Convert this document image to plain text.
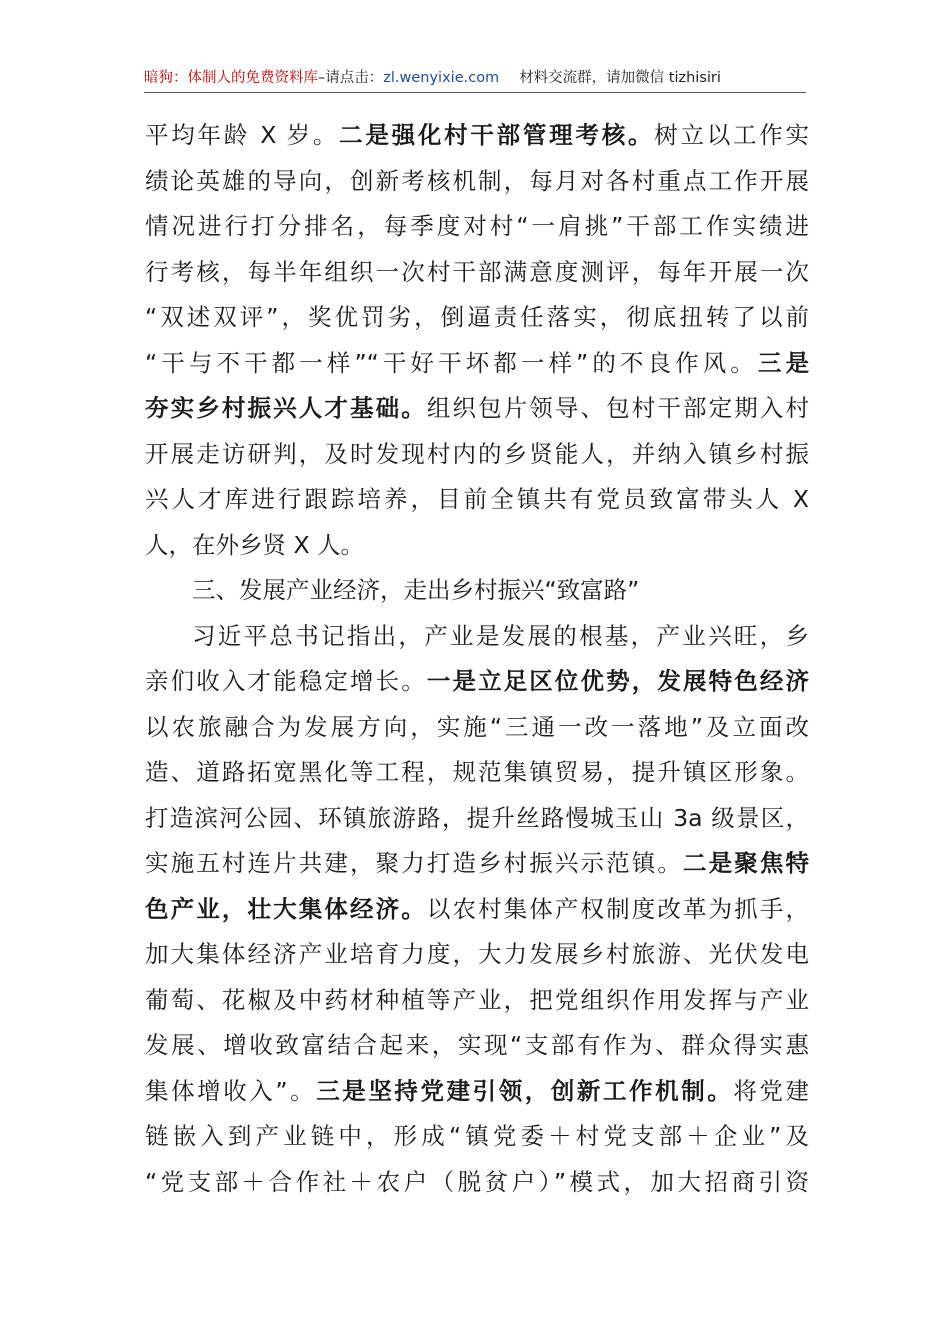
暗狗：体制人的免费资料库–请点击：zl.wenyixie.com 材料交流群，请加微信 tizhisiri
平均年龄 X 岁。二是强化村干部管理考核。树立以工作实
绩论英雄的导向，创新考核机制，每月对各村重点工作开展
情况进行打分排名，每季度对村“一肩挑”干部工作实绩进
行考核，每半年组织一次村干部满意度测评，每年开展一次
“双述双评”，奖优罚劣，倒逼责任落实，彻底扭转了以前
“干与不干都一样”“干好干坏都一样”的不良作风。三是
夯实乡村振兴人才基础。组织包片领导、包村干部定期入村
开展走访研判，及时发现村内的乡贤能人，并纳入镇乡村振
兴人才库进行跟踪培养，目前全镇共有党员致富带头人 X
人，在外乡贤 X 人。
三、发展产业经济，走出乡村振兴“致富路”
习近平总书记指出，产业是发展的根基，产业兴旺，乡
亲们收入才能稳定增长。一是立足区位优势，发展特色经济
以农旅融合为发展方向，实施“三通一改一落地”及立面改
造、道路拓宽黑化等工程，规范集镇贸易，提升镇区形象。
打造滨河公园、环镇旅游路，提升丝路慢城玉山 3a 级景区，
实施五村连片共建，聚力打造乡村振兴示范镇。二是聚焦特
色产业，壮大集体经济。以农村集体产权制度改革为抓手，
加大集体经济产业培育力度，大力发展乡村旅游、光伏发电
葡萄、花椒及中药材种植等产业，把党组织作用发挥与产业
发展、增收致富结合起来，实现“支部有作为、群众得实惠
集体增收入”。三是坚持党建引领，创新工作机制。将党建
链嵌入到产业链中，形成“镇党委＋村党支部＋企业”及
“党支部＋合作社＋农户（脱贫户）”模式，加大招商引资
